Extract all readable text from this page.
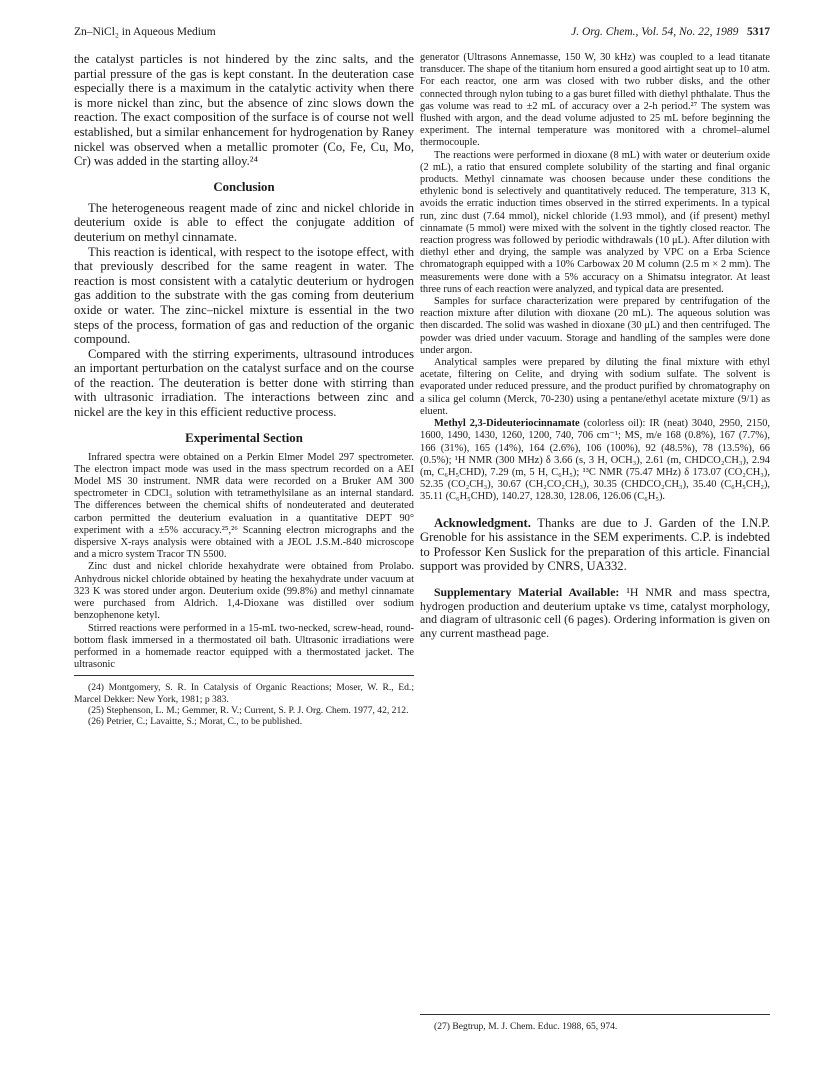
Zn–NiCl₂ in Aqueous Medium	J. Org. Chem., Vol. 54, No. 22, 1989 5317

the catalyst particles is not hindered by the zinc salts, and the partial pressure of the gas is kept constant. In the deuteration case especially there is a maximum in the catalytic activity when there is more nickel than zinc, but the absence of zinc slows down the reaction. The exact composition of the surface is of course not well established, but a similar enhancement for hydrogenation by Raney nickel was observed when a metallic promoter (Co, Fe, Cu, Mo, Cr) was added in the starting alloy.²⁴

Conclusion

The heterogeneous reagent made of zinc and nickel chloride in deuterium oxide is able to effect the conjugate addition of deuterium on methyl cinnamate.

This reaction is identical, with respect to the isotope effect, with that previously described for the same reagent in water. The reaction is most consistent with a catalytic deuterium or hydrogen gas addition to the substrate with the gas coming from deuterium oxide or water. The zinc–nickel mixture is essential in the two steps of the process, formation of gas and reduction of the organic compound.

Compared with the stirring experiments, ultrasound introduces an important perturbation on the catalyst surface and on the course of the reaction. The deuteration is better done with stirring than with ultrasonic irradiation. The interactions between zinc and nickel are the key in this efficient reductive process.

Experimental Section

Infrared spectra were obtained on a Perkin Elmer Model 297 spectrometer. The electron impact mode was used in the mass spectrum recorded on a AEI Model MS 30 instrument. NMR data were recorded on a Bruker AM 300 spectrometer in CDCl₃ solution with tetramethylsilane as an internal standard. The differences between the chemical shifts of nondeuterated and deuterated carbon permitted the deuterium evaluation in a quantitative DEPT 90° experiment with a ±5% accuracy.²⁵,²⁶ Scanning electron micrographs and the dispersive X-rays analysis were obtained with a JEOL J.S.M.-840 microscope and a micro system Tracor TN 5500.

Zinc dust and nickel chloride hexahydrate were obtained from Prolabo. Anhydrous nickel chloride obtained by heating the hexahydrate under vacuum at 323 K was stored under argon. Deuterium oxide (99.8%) and methyl cinnamate were purchased from Aldrich. 1,4-Dioxane was distilled over sodium benzophenone ketyl.

Stirred reactions were performed in a 15-mL two-necked, screw-head, round-bottom flask immersed in a thermostated oil bath. Ultrasonic irradiations were performed in a homemade reactor equipped with a thermostated jacket. The ultrasonic

(24) Montgomery, S. R. In Catalysis of Organic Reactions; Moser, W. R., Ed.; Marcel Dekker: New York, 1981; p 383.

(25) Stephenson, L. M.; Gemmer, R. V.; Current, S. P. J. Org. Chem. 1977, 42, 212.

(26) Petrier, C.; Lavaitte, S.; Morat, C., to be published.

generator (Ultrasons Annemasse, 150 W, 30 kHz) was coupled to a lead titanate transducer. The shape of the titanium horn ensured a good airtight seat up to 10 atm. For each reactor, one arm was closed with two rubber disks, and the other connected through nylon tubing to a gas buret filled with diethyl phthalate. Thus the gas volume was read to ±2 mL of accuracy over a 2-h period.²⁷ The system was flushed with argon, and the dead volume adjusted to 25 mL before beginning the experiment. The internal temperature was monitored with a chromel–alumel thermocouple.

The reactions were performed in dioxane (8 mL) with water or deuterium oxide (2 mL), a ratio that ensured complete solubility of the starting and final organic products. Methyl cinnamate was choosen because under these conditions the ethylenic bond is selectively and quantitatively reduced. The temperature, 313 K, avoids the erratic induction times observed in the stirred experiments. In a typical run, zinc dust (7.64 mmol), nickel chloride (1.93 mmol), and (if present) methyl cinnamate (5 mmol) were mixed with the solvent in the tightly closed reactor. The reaction progress was followed by periodic withdrawals (10 μL). After dilution with diethyl ether and drying, the sample was analyzed by VPC on a Erba Science chromatograph equipped with a 10% Carbowax 20 M column (2.5 m × 2 mm). The measurements were done with a 5% accuracy on a Shimatsu integrator. At least three runs of each reaction were analyzed, and typical data are presented.

Samples for surface characterization were prepared by centrifugation of the reaction mixture after dilution with dioxane (20 mL). The aqueous solution was then discarded. The solid was washed in dioxane (30 μL) and then centrifuged. The powder was dried under vacuum. Storage and handling of the samples were done under argon.

Analytical samples were prepared by diluting the final mixture with ethyl acetate, filtering on Celite, and drying with sodium sulfate. The solvent is evaporated under reduced pressure, and the product purified by chromatography on a silica gel column (Merck, 70-230) using a pentane/ethyl acetate mixture (9/1) as eluent.

Methyl 2,3-Dideuteriocinnamate (colorless oil): IR (neat) 3040, 2950, 2150, 1600, 1490, 1430, 1260, 1200, 740, 706 cm⁻¹; MS, m/e 168 (0.8%), 167 (7.7%), 166 (31%), 165 (14%), 164 (2.6%), 106 (100%), 92 (48.5%), 78 (13.5%), 66 (0.5%); ¹H NMR (300 MHz) δ 3.66 (s, 3 H, OCH₃), 2.61 (m, CHDCO₂CH₃), 2.94 (m, C₆H₅CHD), 7.29 (m, 5 H, C₆H₅); ¹³C NMR (75.47 MHz) δ 173.07 (CO₂CH₃), 52.35 (CO₂CH₃), 30.67 (CH₂CO₂CH₃), 30.35 (CHDCO₂CH₃), 35.40 (C₆H₅CH₂), 35.11 (C₆H₅CHD), 140.27, 128.30, 128.06, 126.06 (C₆H₅).

Acknowledgment. Thanks are due to J. Garden of the I.N.P. Grenoble for his assistance in the SEM experiments. C.P. is indebted to Professor Ken Suslick for the preparation of this article. Financial support was provided by CNRS, UA332.

Supplementary Material Available: ¹H NMR and mass spectra, hydrogen production and deuterium uptake vs time, catalyst morphology, and diagram of ultrasonic cell (6 pages). Ordering information is given on any current masthead page.

(27) Begtrup, M. J. Chem. Educ. 1988, 65, 974.
